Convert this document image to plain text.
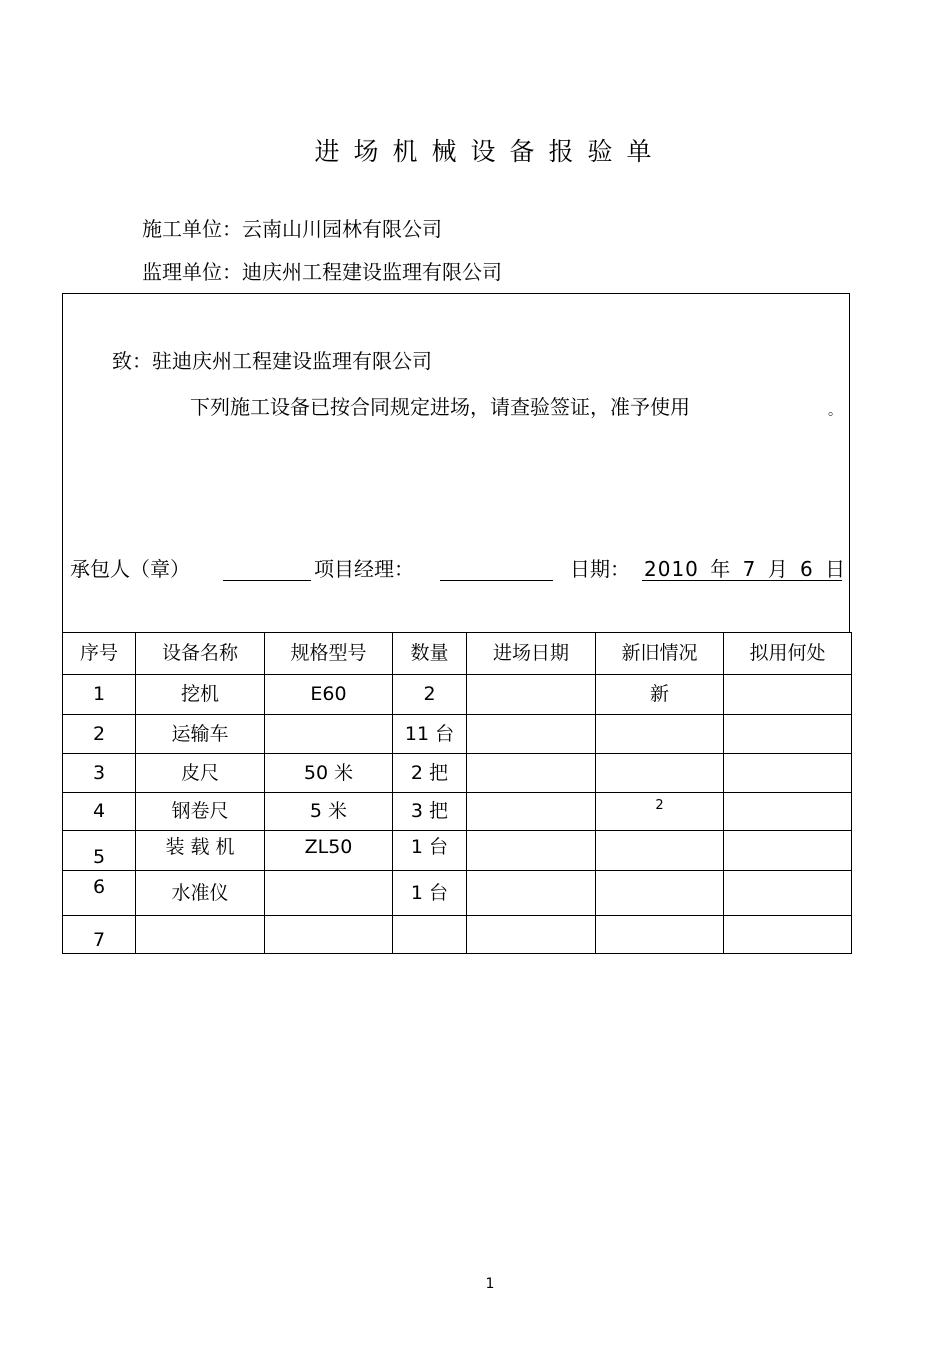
进场机械设备报验单
施工单位：云南山川园林有限公司
监理单位：迪庆州工程建设监理有限公司
致：驻迪庆州工程建设监理有限公司
下列施工设备已按合同规定进场，请查验签证，准予使用	。
承包人（章）	项目经理：	日期： 2010 年 7 月 6 日
序号	设备名称	规格型号	数量	进场日期	新旧情况	拟用何处
1	挖机	E60	2		新	
2	运输车		11 台			
3	皮尺	50 米	2 把			
4	钢卷尺	5 米	3 把		2	
5	装 载 机	ZL50	1 台			
6	水准仪		1 台			
7						
1
